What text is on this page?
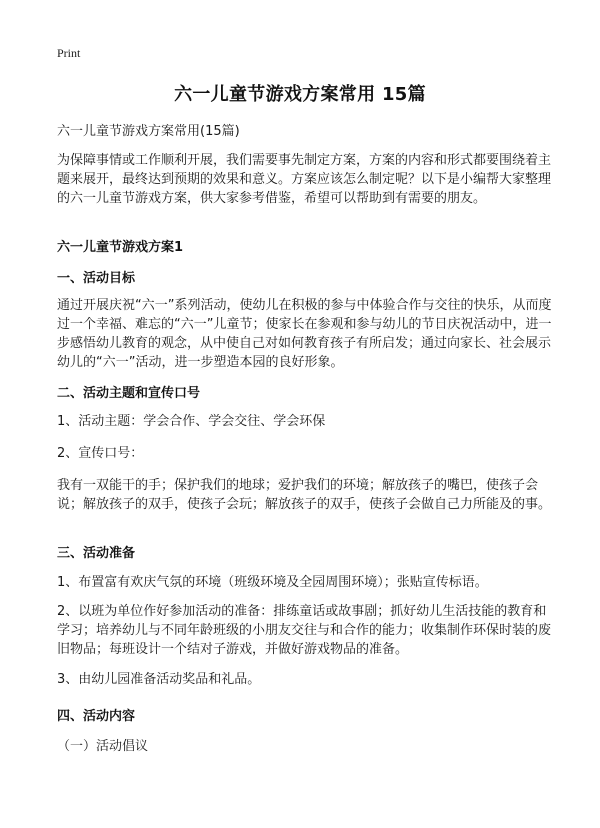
Print
六一儿童节游戏方案常用 15篇
六一儿童节游戏方案常用(15篇)
为保障事情或工作顺利开展，我们需要事先制定方案，方案的内容和形式都要围绕着主题来展开，最终达到预期的效果和意义。方案应该怎么制定呢？以下是小编帮大家整理的六一儿童节游戏方案，供大家参考借鉴，希望可以帮助到有需要的朋友。
六一儿童节游戏方案1
一、活动目标
通过开展庆祝“六一”系列活动，使幼儿在积极的参与中体验合作与交往的快乐，从而度过一个幸福、难忘的“六一”儿童节；使家长在参观和参与幼儿的节日庆祝活动中，进一步感悟幼儿教育的观念，从中使自己对如何教育孩子有所启发；通过向家长、社会展示幼儿的“六一”活动，进一步塑造本园的良好形象。
二、活动主题和宣传口号
1、活动主题：学会合作、学会交往、学会环保
2、宣传口号：
我有一双能干的手；保护我们的地球；爱护我们的环境；解放孩子的嘴巴，使孩子会说；解放孩子的双手，使孩子会玩；解放孩子的双手，使孩子会做自己力所能及的事。
三、活动准备
1、布置富有欢庆气氛的环境（班级环境及全园周围环境）；张贴宣传标语。
2、以班为单位作好参加活动的准备：排练童话或故事剧；抓好幼儿生活技能的教育和学习；培养幼儿与不同年龄班级的小朋友交往与和合作的能力；收集制作环保时装的废旧物品；每班设计一个结对子游戏，并做好游戏物品的准备。
3、由幼儿园准备活动奖品和礼品。
四、活动内容
（一）活动倡议
